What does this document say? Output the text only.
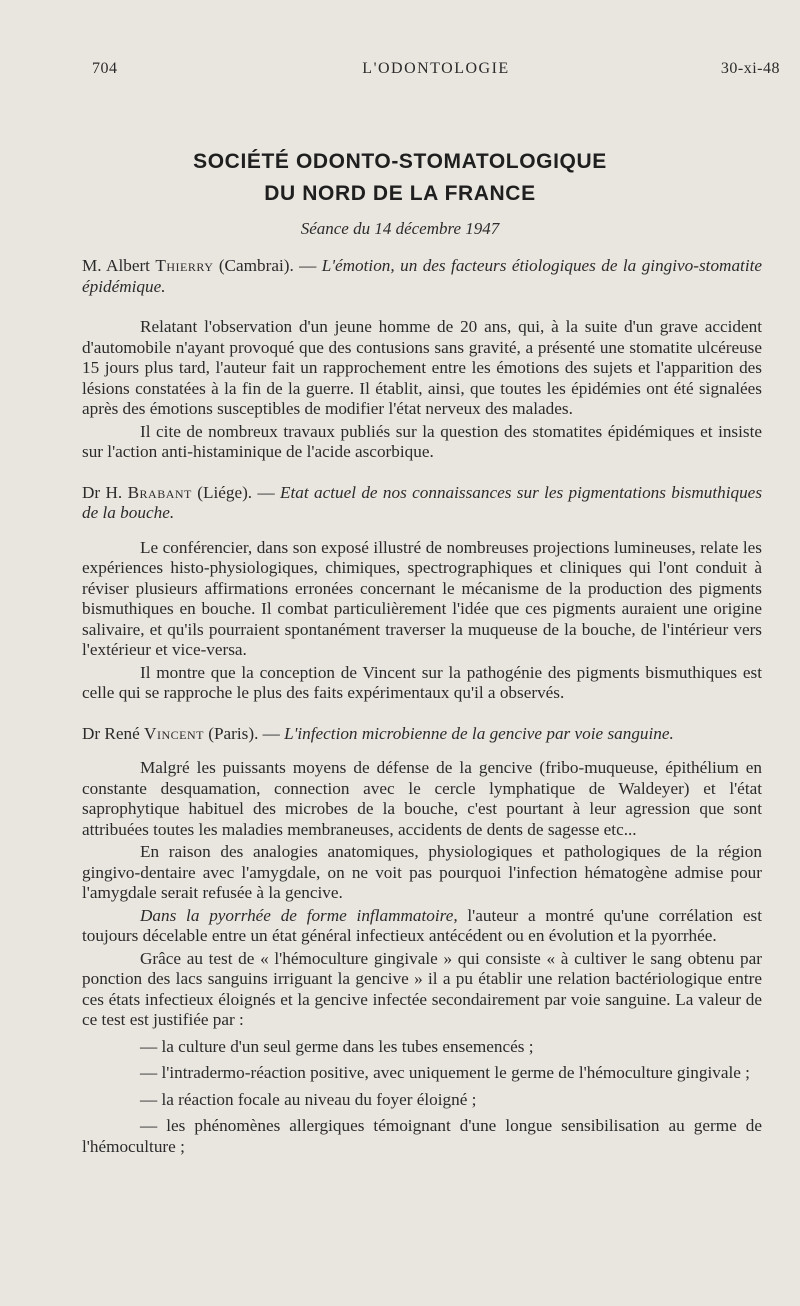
704	L'ODONTOLOGIE	30-xi-48
SOCIÉTÉ ODONTO-STOMATOLOGIQUE
DU NORD DE LA FRANCE
Séance du 14 décembre 1947

M. Albert Thierry (Cambrai). — L'émotion, un des facteurs étiologiques de la gingivo-stomatite épidémique.

Relatant l'observation d'un jeune homme de 20 ans, qui, à la suite d'un grave accident d'automobile n'ayant provoqué que des contusions sans gravité, a présenté une stomatite ulcéreuse 15 jours plus tard, l'auteur fait un rapprochement entre les émotions des sujets et l'apparition des lésions constatées à la fin de la guerre. Il établit, ainsi, que toutes les épidémies ont été signalées après des émotions susceptibles de modifier l'état nerveux des malades.

Il cite de nombreux travaux publiés sur la question des stomatites épidémiques et insiste sur l'action anti-histaminique de l'acide ascorbique.

Dr H. Brabant (Liége). — Etat actuel de nos connaissances sur les pigmentations bismuthiques de la bouche.

Le conférencier, dans son exposé illustré de nombreuses projections lumineuses, relate les expériences histo-physiologiques, chimiques, spectrographiques et cliniques qui l'ont conduit à réviser plusieurs affirmations erronées concernant le mécanisme de la production des pigments bismuthiques en bouche. Il combat particulièrement l'idée que ces pigments auraient une origine salivaire, et qu'ils pourraient spontanément traverser la muqueuse de la bouche, de l'intérieur vers l'extérieur et vice-versa.

Il montre que la conception de Vincent sur la pathogénie des pigments bismuthiques est celle qui se rapproche le plus des faits expérimentaux qu'il a observés.

Dr René Vincent (Paris). — L'infection microbienne de la gencive par voie sanguine.

Malgré les puissants moyens de défense de la gencive (fribo-muqueuse, épithélium en constante desquamation, connection avec le cercle lymphatique de Waldeyer) et l'état saprophytique habituel des microbes de la bouche, c'est pourtant à leur agression que sont attribuées toutes les maladies membraneuses, accidents de dents de sagesse etc...

En raison des analogies anatomiques, physiologiques et pathologiques de la région gingivo-dentaire avec l'amygdale, on ne voit pas pourquoi l'infection hématogène admise pour l'amygdale serait refusée à la gencive.

Dans la pyorrhée de forme inflammatoire, l'auteur a montré qu'une corrélation est toujours décelable entre un état général infectieux antécédent ou en évolution et la pyorrhée.

Grâce au test de « l'hémoculture gingivale » qui consiste « à cultiver le sang obtenu par ponction des lacs sanguins irriguant la gencive » il a pu établir une relation bactériologique entre ces états infectieux éloignés et la gencive infectée secondairement par voie sanguine. La valeur de ce test est justifiée par :

— la culture d'un seul germe dans les tubes ensemencés ;

— l'intradermo-réaction positive, avec uniquement le germe de l'hémoculture gingivale ;

— la réaction focale au niveau du foyer éloigné ;

— les phénomènes allergiques témoignant d'une longue sensibilisation au germe de l'hémoculture ;
